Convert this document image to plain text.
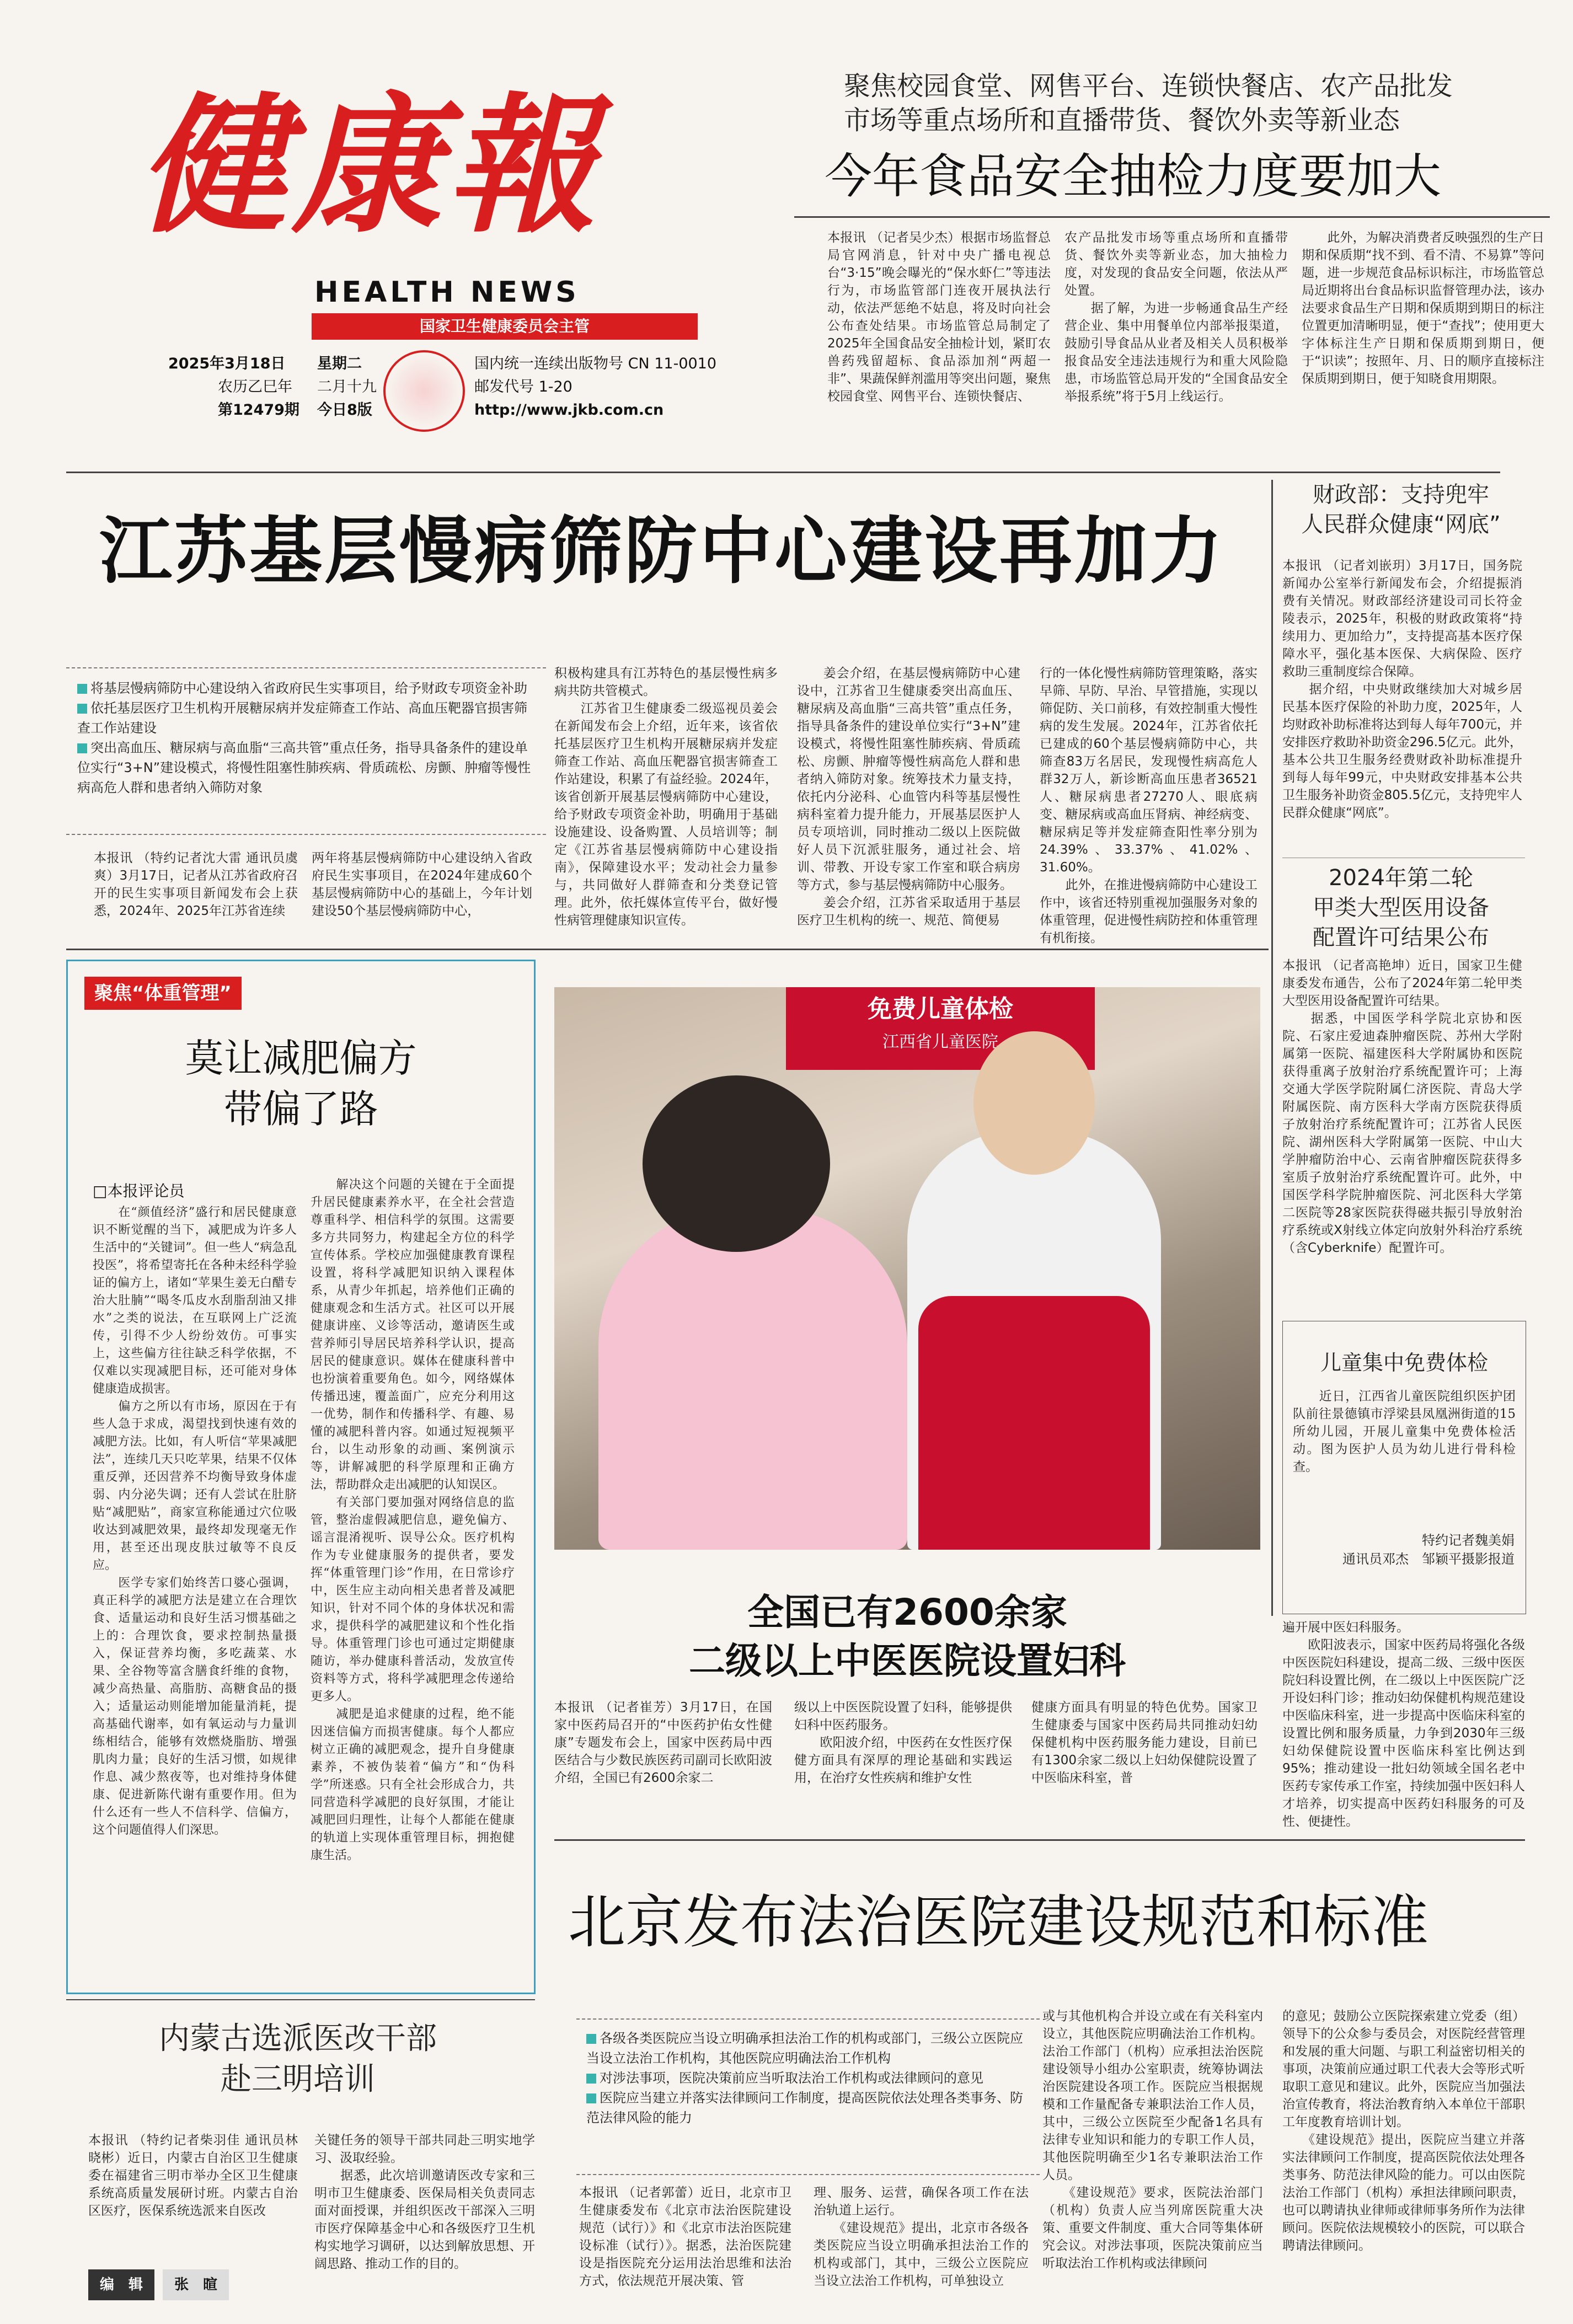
健康報
HEALTH NEWS
国家卫生健康委员会主管
2025年3月18日 星期二
农历乙巳年 二月十九
第12479期 今日8版
国内统一连续出版物号 CN 11-0010
邮发代号 1-20
http://www.jkb.com.cn
聚焦校园食堂、网售平台、连锁快餐店、农产品批发
市场等重点场所和直播带货、餐饮外卖等新业态
今年食品安全抽检力度要加大
本报讯 （记者吴少杰）根据市场监督总局官网消息，针对中央广播电视总台“3·15”晚会曝光的“保水虾仁”等违法行为，市场监管部门连夜开展执法行动，依法严惩绝不姑息，将及时向社会公布查处结果。市场监管总局制定了2025年全国食品安全抽检计划，紧盯农兽药残留超标、食品添加剂“两超一非”、果蔬保鲜剂滥用等突出问题，聚焦校园食堂、网售平台、连锁快餐店、
农产品批发市场等重点场所和直播带货、餐饮外卖等新业态，加大抽检力度，对发现的食品安全问题，依法从严处置。
　　据了解，为进一步畅通食品生产经营企业、集中用餐单位内部举报渠道，鼓励引导食品从业者及相关人员积极举报食品安全违法违规行为和重大风险隐患，市场监管总局开发的“全国食品安全举报系统”将于5月上线运行。
　　此外，为解决消费者反映强烈的生产日期和保质期“找不到、看不清、不易算”等问题，进一步规范食品标识标注，市场监管总局近期将出台食品标识监督管理办法，该办法要求食品生产日期和保质期到期日的标注位置更加清晰明显，便于“查找”；使用更大字体标注生产日期和保质期到期日，便于“识读”；按照年、月、日的顺序直接标注保质期到期日，便于知晓食用期限。
江苏基层慢病筛防中心建设再加力
将基层慢病筛防中心建设纳入省政府民生实事项目，给予财政专项资金补助
依托基层医疗卫生机构开展糖尿病并发症筛查工作站、高血压靶器官损害筛查工作站建设
突出高血压、糖尿病与高血脂“三高共管”重点任务，指导具备条件的建设单位实行“3+N”建设模式，将慢性阻塞性肺疾病、骨质疏松、房颤、肿瘤等慢性病高危人群和患者纳入筛防对象
本报讯 （特约记者沈大雷 通讯员虞爽）3月17日，记者从江苏省政府召开的民生实事项目新闻发布会上获悉，2024年、2025年江苏省连续
两年将基层慢病筛防中心建设纳入省政府民生实事项目，在2024年建成60个基层慢病筛防中心的基础上，今年计划建设50个基层慢病筛防中心，
积极构建具有江苏特色的基层慢性病多病共防共管模式。
　　江苏省卫生健康委二级巡视员姜会在新闻发布会上介绍，近年来，该省依托基层医疗卫生机构开展糖尿病并发症筛查工作站、高血压靶器官损害筛查工作站建设，积累了有益经验。2024年，该省创新开展基层慢病筛防中心建设，给予财政专项资金补助，明确用于基础设施建设、设备购置、人员培训等；制定《江苏省基层慢病筛防中心建设指南》，保障建设水平；发动社会力量参与，共同做好人群筛查和分类登记管理。此外，依托媒体宣传平台，做好慢性病管理健康知识宣传。
　　姜会介绍，在基层慢病筛防中心建设中，江苏省卫生健康委突出高血压、糖尿病及高血脂“三高共管”重点任务，指导具备条件的建设单位实行“3+N”建设模式，将慢性阻塞性肺疾病、骨质疏松、房颤、肿瘤等慢性病高危人群和患者纳入筛防对象。统筹技术力量支持，依托内分泌科、心血管内科等基层慢性病科室着力提升能力，开展基层医护人员专项培训，同时推动二级以上医院做好人员下沉派驻服务，通过社会、培训、带教、开设专家工作室和联合病房等方式，参与基层慢病筛防中心服务。
　　姜会介绍，江苏省采取适用于基层医疗卫生机构的统一、规范、简便易
行的一体化慢性病筛防管理策略，落实早筛、早防、早治、早管措施，实现以筛促防、关口前移，有效控制重大慢性病的发生发展。2024年，江苏省依托已建成的60个基层慢病筛防中心，共筛查83万名居民，发现慢性病高危人群32万人，新诊断高血压患者36521人、糖尿病患者27270人、眼底病变、糖尿病或高血压肾病、神经病变、糖尿病足等并发症筛查阳性率分别为24.39%、33.37%、41.02%、31.60%。
　　此外，在推进慢病筛防中心建设工作中，该省还特别重视加强服务对象的体重管理，促进慢性病防控和体重管理有机衔接。
财政部：支持兜牢
人民群众健康“网底”
本报讯 （记者刘嵌玥）3月17日，国务院新闻办公室举行新闻发布会，介绍提振消费有关情况。财政部经济建设司司长符金陵表示，2025年，积极的财政政策将“持续用力、更加给力”，支持提高基本医疗保障水平，强化基本医保、大病保险、医疗救助三重制度综合保障。
　　据介绍，中央财政继续加大对城乡居民基本医疗保险的补助力度，2025年，人均财政补助标准将达到每人每年700元，并安排医疗救助补助资金296.5亿元。此外，基本公共卫生服务经费财政补助标准提升到每人每年99元，中央财政安排基本公共卫生服务补助资金805.5亿元，支持兜牢人民群众健康“网底”。
2024年第二轮
甲类大型医用设备
配置许可结果公布
本报讯 （记者高艳坤）近日，国家卫生健康委发布通告，公布了2024年第二轮甲类大型医用设备配置许可结果。
　　据悉，中国医学科学院北京协和医院、石家庄爱迪森肿瘤医院、苏州大学附属第一医院、福建医科大学附属协和医院获得重离子放射治疗系统配置许可；上海交通大学医学院附属仁济医院、青岛大学附属医院、南方医科大学南方医院获得质子放射治疗系统配置许可；江苏省人民医院、湖州医科大学附属第一医院、中山大学肿瘤防治中心、云南省肿瘤医院获得多室质子放射治疗系统配置许可。此外，中国医学科学院肿瘤医院、河北医科大学第二医院等28家医院获得磁共振引导放射治疗系统或X射线立体定向放射外科治疗系统（含Cyberknife）配置许可。
儿童集中免费体检
　　近日，江西省儿童医院组织医护团队前往景德镇市浮梁县凤凰洲街道的15所幼儿园，开展儿童集中免费体检活动。图为医护人员为幼儿进行骨科检查。
特约记者魏美娟
通讯员邓杰　邹颖平摄影报道
聚焦“体重管理”
莫让减肥偏方
带偏了路
□本报评论员
　　在“颜值经济”盛行和居民健康意识不断觉醒的当下，减肥成为许多人生活中的“关键词”。但一些人“病急乱投医”，将希望寄托在各种未经科学验证的偏方上，诸如“苹果生姜无白醋专治大肚腩”“喝冬瓜皮水刮脂刮油又排水”之类的说法，在互联网上广泛流传，引得不少人纷纷效仿。可事实上，这些偏方往往缺乏科学依据，不仅难以实现减肥目标，还可能对身体健康造成损害。
　　偏方之所以有市场，原因在于有些人急于求成，渴望找到快速有效的减肥方法。比如，有人听信“苹果减肥法”，连续几天只吃苹果，结果不仅体重反弹，还因营养不均衡导致身体虚弱、内分泌失调；还有人尝试在肚脐贴“减肥贴”，商家宣称能通过穴位吸收达到减肥效果，最终却发现毫无作用，甚至还出现皮肤过敏等不良反应。
　　医学专家们始终苦口婆心强调，真正科学的减肥方法是建立在合理饮食、适量运动和良好生活习惯基础之上的：合理饮食，要求控制热量摄入，保证营养均衡，多吃蔬菜、水果、全谷物等富含膳食纤维的食物，减少高热量、高脂肪、高糖食品的摄入；适量运动则能增加能量消耗，提高基础代谢率，如有氧运动与力量训练相结合，能够有效燃烧脂肪、增强肌肉力量；良好的生活习惯，如规律作息、减少熬夜等，也对维持身体健康、促进新陈代谢有重要作用。但为什么还有一些人不信科学、信偏方，这个问题值得人们深思。
　　解决这个问题的关键在于全面提升居民健康素养水平，在全社会营造尊重科学、相信科学的氛围。这需要多方共同努力，构建起全方位的科学宣传体系。学校应加强健康教育课程设置，将科学减肥知识纳入课程体系，从青少年抓起，培养他们正确的健康观念和生活方式。社区可以开展健康讲座、义诊等活动，邀请医生或营养师引导居民培养科学认识，提高居民的健康意识。媒体在健康科普中也扮演着重要角色。如今，网络媒体传播迅速，覆盖面广，应充分利用这一优势，制作和传播科学、有趣、易懂的减肥科普内容。如通过短视频平台，以生动形象的动画、案例演示等，讲解减肥的科学原理和正确方法，帮助群众走出减肥的认知误区。
　　有关部门要加强对网络信息的监管，整治虚假减肥信息，避免偏方、谣言混淆视听、误导公众。医疗机构作为专业健康服务的提供者，要发挥“体重管理门诊”作用，在日常诊疗中，医生应主动向相关患者普及减肥知识，针对不同个体的身体状况和需求，提供科学的减肥建议和个性化指导。体重管理门诊也可通过定期健康随访，举办健康科普活动，发放宣传资料等方式，将科学减肥理念传递给更多人。
　　减肥是追求健康的过程，绝不能因迷信偏方而损害健康。每个人都应树立正确的减肥观念，提升自身健康素养，不被伪装着“偏方”和“伪科学”所迷惑。只有全社会形成合力，共同营造科学减肥的良好氛围，才能让减肥回归理性，让每个人都能在健康的轨道上实现体重管理目标，拥抱健康生活。
免费儿童体检
江西省儿童医院
全国已有2600余家
二级以上中医医院设置妇科
本报讯 （记者崔芳）3月17日，在国家中医药局召开的“中医药护佑女性健康”专题发布会上，国家中医药局中西医结合与少数民族医药司副司长欧阳波介绍，全国已有2600余家二
级以上中医医院设置了妇科，能够提供妇科中医药服务。
　　欧阳波介绍，中医药在女性医疗保健方面具有深厚的理论基础和实践运用，在治疗女性疾病和维护女性
健康方面具有明显的特色优势。国家卫生健康委与国家中医药局共同推动妇幼保健机构中医药服务能力建设，目前已有1300余家二级以上妇幼保健院设置了中医临床科室，普
遍开展中医妇科服务。
　　欧阳波表示，国家中医药局将强化各级中医医院妇科建设，提高二级、三级中医医院妇科设置比例，在二级以上中医医院广泛开设妇科门诊；推动妇幼保健机构规范建设中医临床科室，进一步提高中医临床科室的设置比例和服务质量，力争到2030年三级妇幼保健院设置中医临床科室比例达到95%；推动建设一批妇幼领域全国名老中医药专家传承工作室，持续加强中医妇科人才培养，切实提高中医药妇科服务的可及性、便捷性。
北京发布法治医院建设规范和标准
各级各类医院应当设立明确承担法治工作的机构或部门，三级公立医院应当设立法治工作机构，其他医院应明确法治工作机构
对涉法事项，医院决策前应当听取法治工作机构或法律顾问的意见
医院应当建立并落实法律顾问工作制度，提高医院依法处理各类事务、防范法律风险的能力
本报讯 （记者郭蕾）近日，北京市卫生健康委发布《北京市法治医院建设规范（试行）》和《北京市法治医院建设标准（试行）》。据悉，法治医院建设是指医院充分运用法治思维和法治方式，依法规范开展决策、管
理、服务、运营，确保各项工作在法治轨道上运行。
　　《建设规范》提出，北京市各级各类医院应当设立明确承担法治工作的机构或部门，其中，三级公立医院应当设立法治工作机构，可单独设立
或与其他机构合并设立或在有关科室内设立，其他医院应明确法治工作机构。法治工作部门（机构）应承担法治医院建设领导小组办公室职责，统筹协调法治医院建设各项工作。医院应当根据规模和工作量配备专兼职法治工作人员，其中，三级公立医院至少配备1名具有法律专业知识和能力的专职工作人员，其他医院明确至少1名专兼职法治工作人员。
　　《建设规范》要求，医院法治部门（机构）负责人应当列席医院重大决策、重要文件制度、重大合同等集体研究会议。对涉法事项，医院决策前应当听取法治工作机构或法律顾问
的意见；鼓励公立医院探索建立党委（组）领导下的公众参与委员会，对医院经营管理和发展的重大问题、与职工利益密切相关的事项，决策前应通过职工代表大会等形式听取职工意见和建议。此外，医院应当加强法治宣传教育，将法治教育纳入本单位干部职工年度教育培训计划。
　　《建设规范》提出，医院应当建立并落实法律顾问工作制度，提高医院依法处理各类事务、防范法律风险的能力。可以由医院法治工作部门（机构）承担法律顾问职责，也可以聘请执业律师或律师事务所作为法律顾问。医院依法规模较小的医院，可以联合聘请法律顾问。
内蒙古选派医改干部
赴三明培训
本报讯 （特约记者柴羽佳 通讯员林晓彬）近日，内蒙古自治区卫生健康委在福建省三明市举办全区卫生健康系统高质量发展研讨班。内蒙古自治区医疗，医保系统选派来自医改
关键任务的领导干部共同赴三明实地学习、汲取经验。
　　据悉，此次培训邀请医改专家和三明市卫生健康委、医保局相关负责同志面对面授课，并组织医改干部深入三明市医疗保障基金中心和各级医疗卫生机构实地学习调研，以达到解放思想、开阔思路、推动工作的目的。
编　辑 张　暄
